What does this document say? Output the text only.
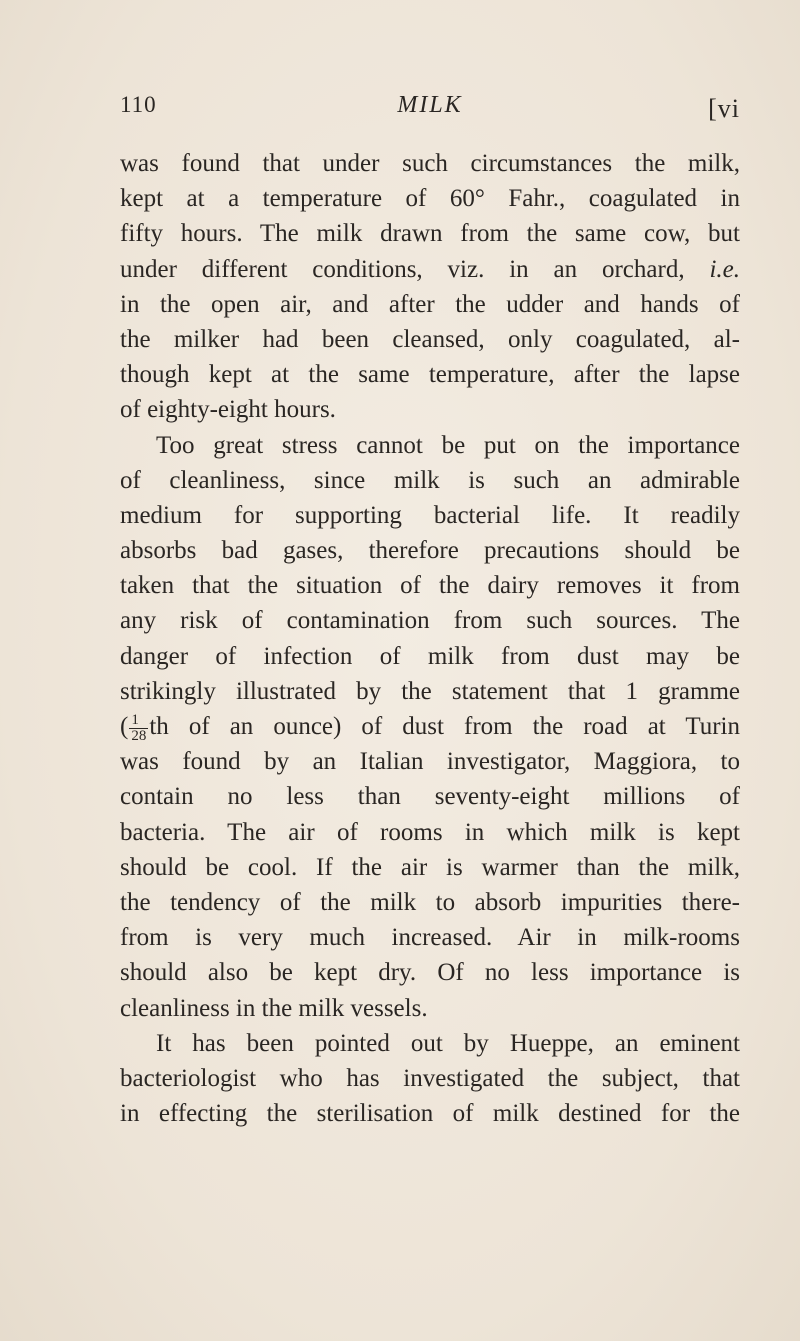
110	MILK	[vi
was found that under such circumstances the milk,
kept at a temperature of 60° Fahr., coagulated in
fifty hours. The milk drawn from the same cow, but
under different conditions, viz. in an orchard, i.e.
in the open air, and after the udder and hands of
the milker had been cleansed, only coagulated, al-
though kept at the same temperature, after the lapse
of eighty-eight hours.
Too great stress cannot be put on the importance
of cleanliness, since milk is such an admirable
medium for supporting bacterial life. It readily
absorbs bad gases, therefore precautions should be
taken that the situation of the dairy removes it from
any risk of contamination from such sources. The
danger of infection of milk from dust may be
strikingly illustrated by the statement that 1 gramme
( $\frac{1}{28}$ th of an ounce) of dust from the road at Turin
was found by an Italian investigator, Maggiora, to
contain no less than seventy-eight millions of
bacteria. The air of rooms in which milk is kept
should be cool. If the air is warmer than the milk,
the tendency of the milk to absorb impurities there-
from is very much increased. Air in milk-rooms
should also be kept dry. Of no less importance is
cleanliness in the milk vessels.
It has been pointed out by Hueppe, an eminent
bacteriologist who has investigated the subject, that
in effecting the sterilisation of milk destined for the
